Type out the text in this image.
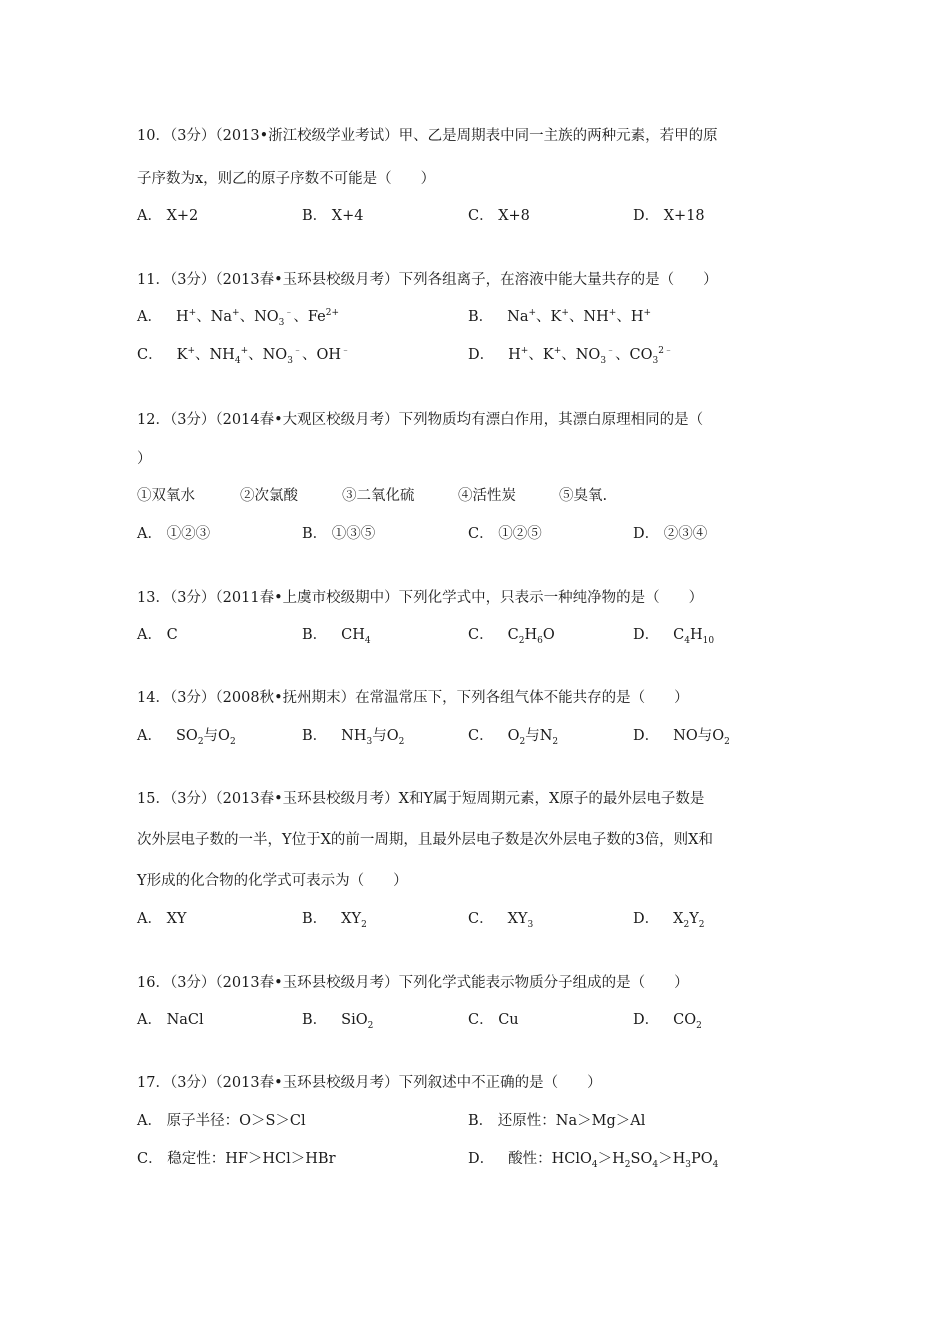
10．（3分）（2013•浙江校级学业考试）甲、乙是周期表中同一主族的两种元素，若甲的原
子序数为x，则乙的原子序数不可能是（　　）
A． X+2	B． X+4	C． X+8	D． X+18
11．（3分）（2013春•玉环县校级月考）下列各组离子，在溶液中能大量共存的是（　　）
A． H+、Na+、$NO_3^﹣$、$Fe^{2+}$	B． Na+、K+、NH+、H+
C． K+、$NH_4^+$、$NO_3^﹣$、OH﹣	D． H+、K+、$NO_3^﹣$、$CO_3^{2﹣}$
12．（3分）（2014春•大观区校级月考）下列物质均有漂白作用，其漂白原理相同的是（
）
①双氧水	②次氯酸	③二氧化硫	④活性炭	⑤臭氧.
A． ①②③	B． ①③⑤	C． ①②⑤	D． ②③④
13．（3分）（2011春•上虞市校级期中）下列化学式中，只表示一种纯净物的是（　　）
A． C	B． $CH_4$	C． $C_2H_6O$	D． $C_4H_{10}$
14．（3分）（2008秋•抚州期末）在常温常压下，下列各组气体不能共存的是（　　）
A． $SO_2$与$O_2$	B． $NH_3$与$O_2$	C． $O_2$与$N_2$	D． NO与$O_2$
15．（3分）（2013春•玉环县校级月考）X和Y属于短周期元素，X原子的最外层电子数是
次外层电子数的一半，Y位于X的前一周期，且最外层电子数是次外层电子数的3倍，则X和
Y形成的化合物的化学式可表示为（　　）
A． XY	B． $XY_2$	C． $XY_3$	D． $X_2Y_2$
16．（3分）（2013春•玉环县校级月考）下列化学式能表示物质分子组成的是（　　）
A． NaCl	B． SiO$_2$	C． Cu	D． $CO_2$
17．（3分）（2013春•玉环县校级月考）下列叙述中不正确的是（　　）
A． 原子半径：O＞S＞Cl	B． 还原性：Na＞Mg＞Al
C． 稳定性：HF＞HCl＞HBr	D． 酸性：$HClO_4>H_2SO_4>H_3PO_4$
